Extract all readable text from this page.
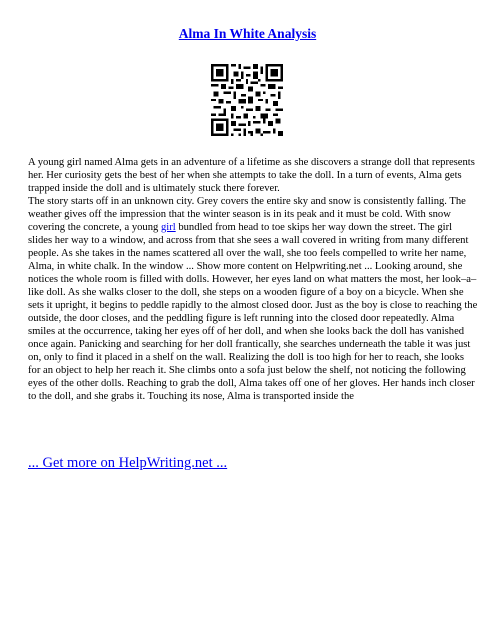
Alma In White Analysis

A young girl named Alma gets in an adventure of a lifetime as she discovers a strange doll that represents her. Her curiosity gets the best of her when she attempts to take the doll. In a turn of events, Alma gets trapped inside the doll and is ultimately stuck there forever.

The story starts off in an unknown city. Grey covers the entire sky and snow is consistently falling. The weather gives off the impression that the winter season is in its peak and it must be cold. With snow covering the concrete, a young girl bundled from head to toe skips her way down the street. The girl slides her way to a window, and across from that she sees a wall covered in writing from many different people. As she takes in the names scattered all over the wall, she too feels compelled to write her name, Alma, in white chalk. In the window ... Show more content on Helpwriting.net ... Looking around, she notices the whole room is filled with dolls. However, her eyes land on what matters the most, her look–a–like doll. As she walks closer to the doll, she steps on a wooden figure of a boy on a bicycle. When she sets it upright, it begins to peddle rapidly to the almost closed door. Just as the boy is close to reaching the outside, the door closes, and the peddling figure is left running into the closed door repeatedly. Alma smiles at the occurrence, taking her eyes off of her doll, and when she looks back the doll has vanished once again. Panicking and searching for her doll frantically, she searches underneath the table it was just on, only to find it placed in a shelf on the wall. Realizing the doll is too high for her to reach, she looks for an object to help her reach it. She climbs onto a sofa just below the shelf, not noticing the following eyes of the other dolls. Reaching to grab the doll, Alma takes off one of her gloves. Her hands inch closer to the doll, and she grabs it. Touching its nose, Alma is transported inside the

... Get more on HelpWriting.net ...
